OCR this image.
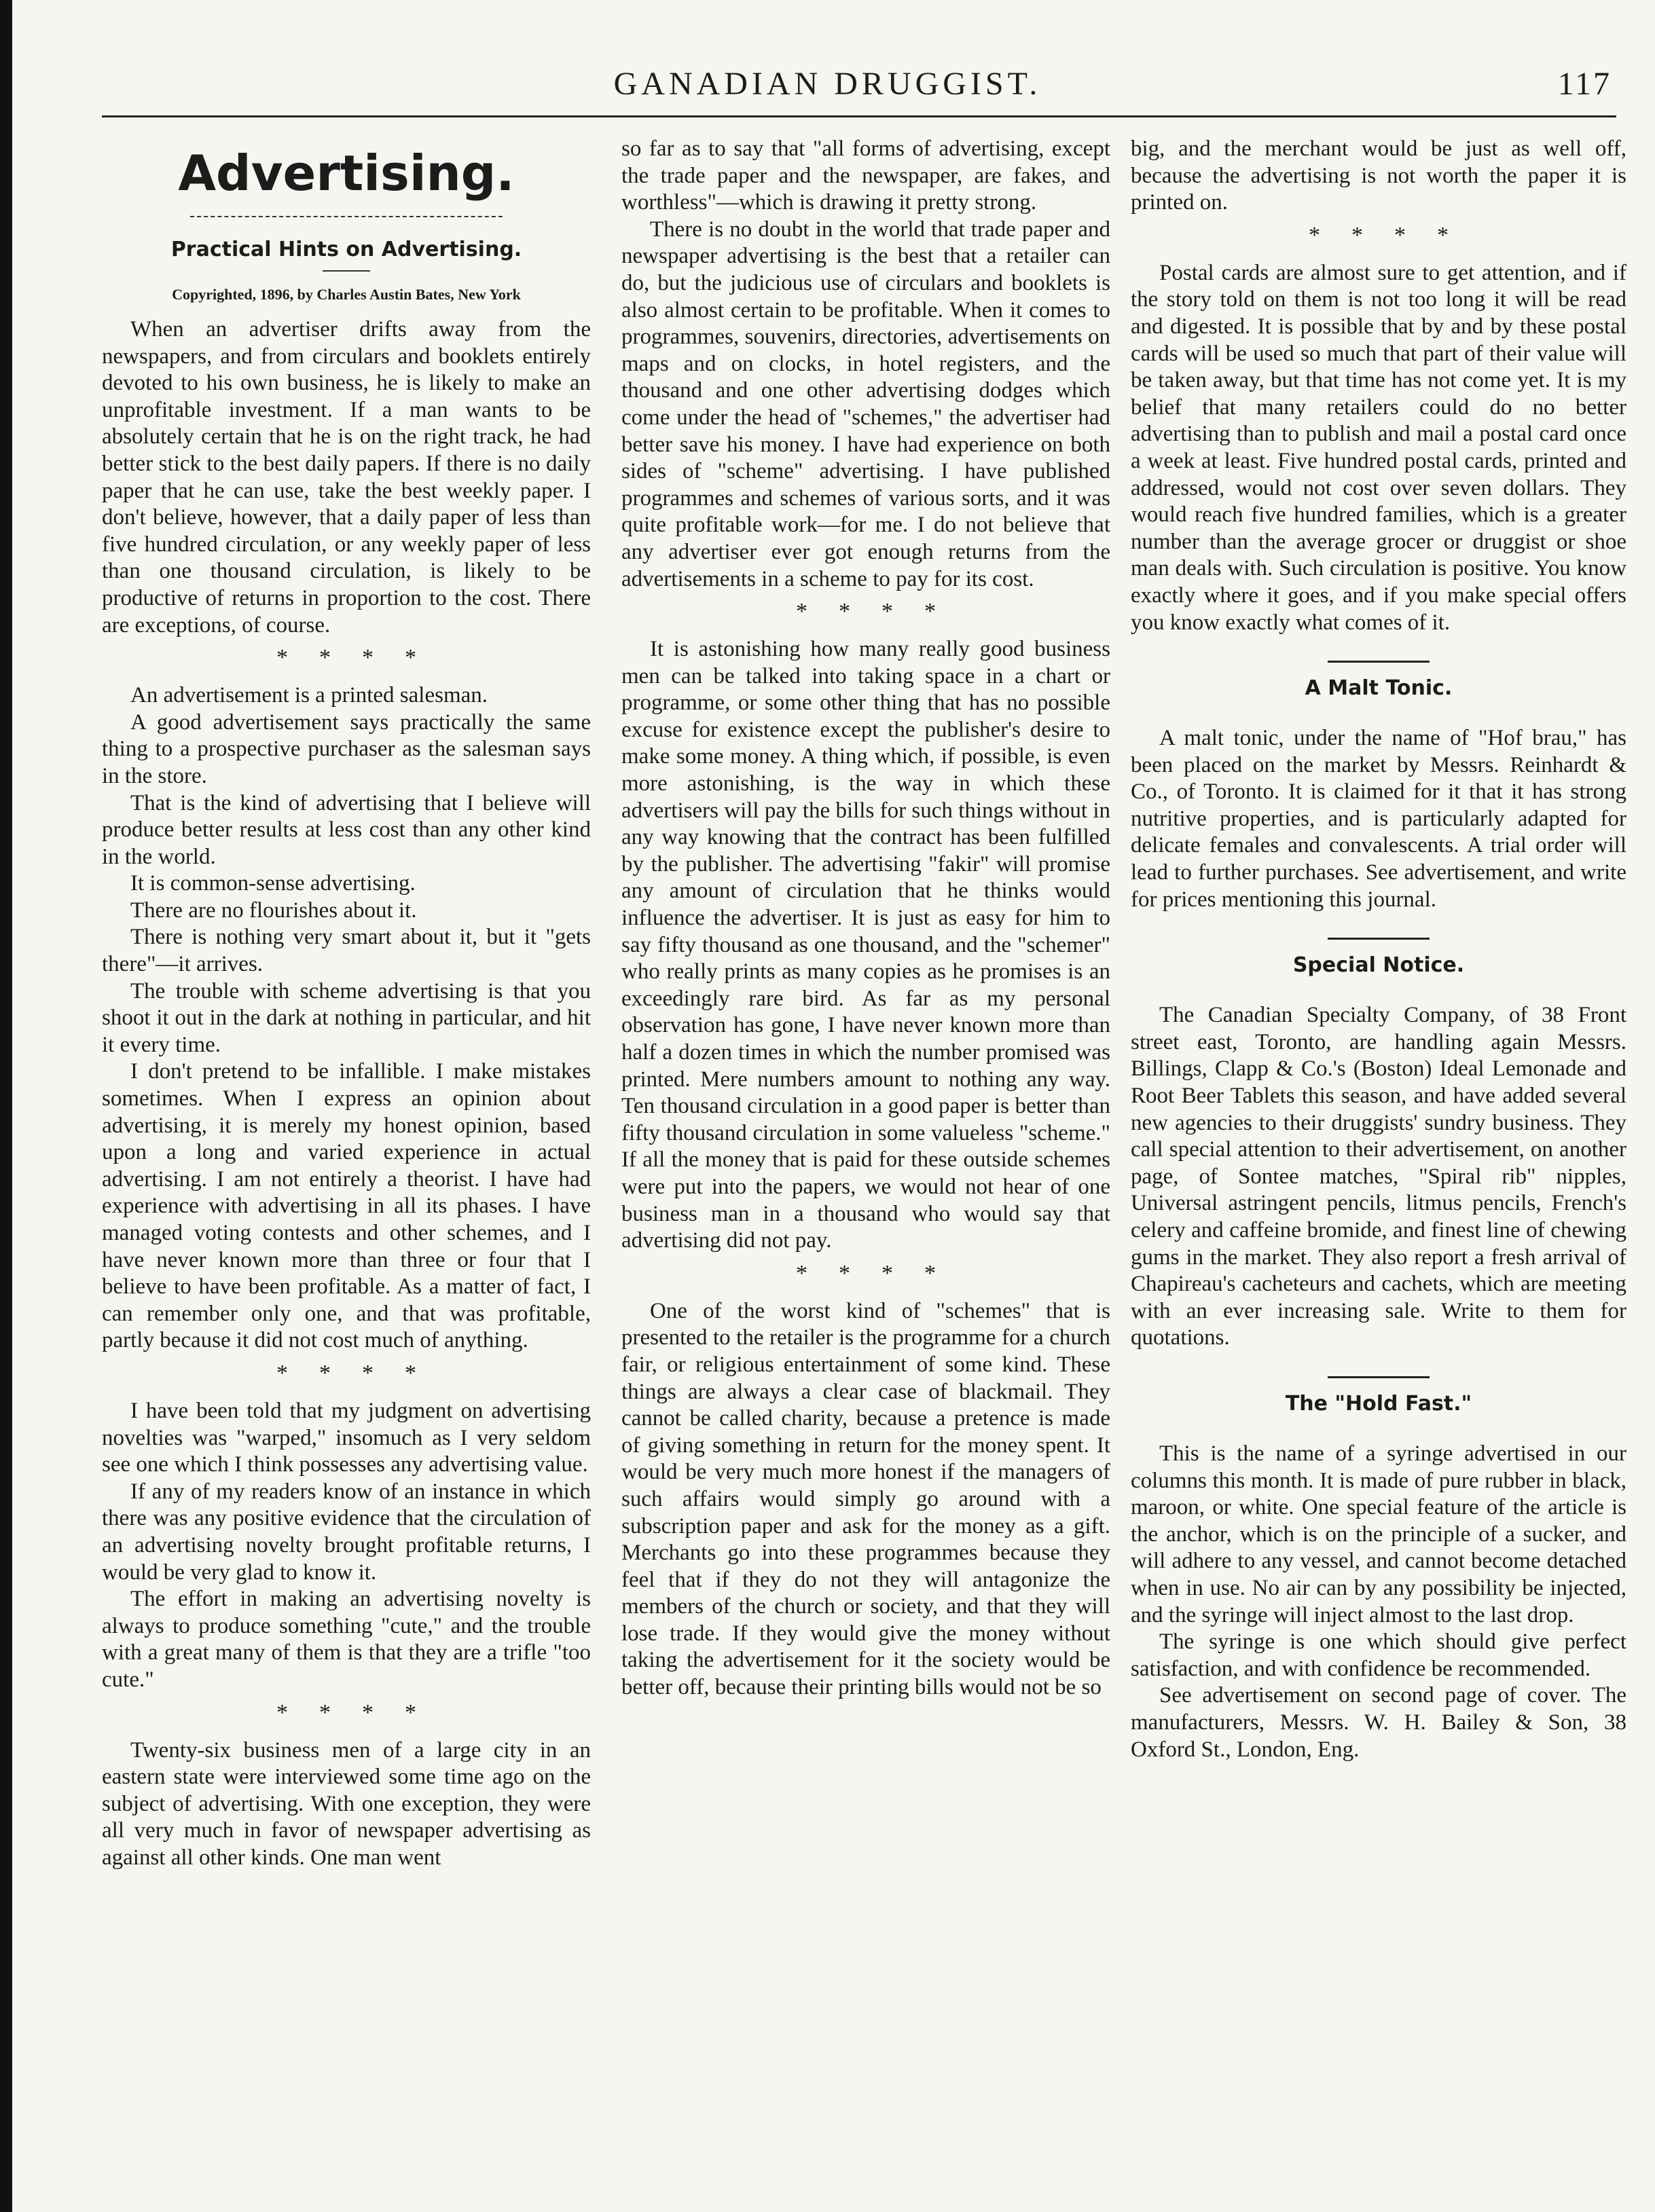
GANADIAN DRUGGIST.	117
Advertising.
Practical Hints on Advertising.
Copyrighted, 1896, by Charles Austin Bates, New York

When an advertiser drifts away from the newspapers, and from circulars and booklets entirely devoted to his own business, he is likely to make an unprofitable investment. If a man wants to be absolutely certain that he is on the right track, he had better stick to the best daily papers. If there is no daily paper that he can use, take the best weekly paper. I don't believe, however, that a daily paper of less than five hundred circulation, or any weekly paper of less than one thousand circulation, is likely to be productive of returns in proportion to the cost. There are exceptions, of course.

****

An advertisement is a printed salesman.

A good advertisement says practically the same thing to a prospective purchaser as the salesman says in the store.

That is the kind of advertising that I believe will produce better results at less cost than any other kind in the world.

It is common-sense advertising.

There are no flourishes about it.

There is nothing very smart about it, but it "gets there"—it arrives.

The trouble with scheme advertising is that you shoot it out in the dark at nothing in particular, and hit it every time.

I don't pretend to be infallible. I make mistakes sometimes. When I express an opinion about advertising, it is merely my honest opinion, based upon a long and varied experience in actual advertising. I am not entirely a theorist. I have had experience with advertising in all its phases. I have managed voting contests and other schemes, and I have never known more than three or four that I believe to have been profitable. As a matter of fact, I can remember only one, and that was profitable, partly because it did not cost much of anything.

****

I have been told that my judgment on advertising novelties was "warped," insomuch as I very seldom see one which I think possesses any advertising value.

If any of my readers know of an instance in which there was any positive evidence that the circulation of an advertising novelty brought profitable returns, I would be very glad to know it.

The effort in making an advertising novelty is always to produce something "cute," and the trouble with a great many of them is that they are a trifle "too cute."

****

Twenty-six business men of a large city in an eastern state were interviewed some time ago on the subject of advertising. With one exception, they were all very much in favor of newspaper advertising as against all other kinds. One man went

so far as to say that "all forms of advertising, except the trade paper and the newspaper, are fakes, and worthless"—which is drawing it pretty strong.

There is no doubt in the world that trade paper and newspaper advertising is the best that a retailer can do, but the judicious use of circulars and booklets is also almost certain to be profitable. When it comes to programmes, souvenirs, directories, advertisements on maps and on clocks, in hotel registers, and the thousand and one other advertising dodges which come under the head of "schemes," the advertiser had better save his money. I have had experience on both sides of "scheme" advertising. I have published programmes and schemes of various sorts, and it was quite profitable work—for me. I do not believe that any advertiser ever got enough returns from the advertisements in a scheme to pay for its cost.

****

It is astonishing how many really good business men can be talked into taking space in a chart or programme, or some other thing that has no possible excuse for existence except the publisher's desire to make some money. A thing which, if possible, is even more astonishing, is the way in which these advertisers will pay the bills for such things without in any way knowing that the contract has been fulfilled by the publisher. The advertising "fakir" will promise any amount of circulation that he thinks would influence the advertiser. It is just as easy for him to say fifty thousand as one thousand, and the "schemer" who really prints as many copies as he promises is an exceedingly rare bird. As far as my personal observation has gone, I have never known more than half a dozen times in which the number promised was printed. Mere numbers amount to nothing any way. Ten thousand circulation in a good paper is better than fifty thousand circulation in some valueless "scheme." If all the money that is paid for these outside schemes were put into the papers, we would not hear of one business man in a thousand who would say that advertising did not pay.

****

One of the worst kind of "schemes" that is presented to the retailer is the programme for a church fair, or religious entertainment of some kind. These things are always a clear case of blackmail. They cannot be called charity, because a pretence is made of giving something in return for the money spent. It would be very much more honest if the managers of such affairs would simply go around with a subscription paper and ask for the money as a gift. Merchants go into these programmes because they feel that if they do not they will antagonize the members of the church or society, and that they will lose trade. If they would give the money without taking the advertisement for it the society would be better off, because their printing bills would not be so

big, and the merchant would be just as well off, because the advertising is not worth the paper it is printed on.

****

Postal cards are almost sure to get attention, and if the story told on them is not too long it will be read and digested. It is possible that by and by these postal cards will be used so much that part of their value will be taken away, but that time has not come yet. It is my belief that many retailers could do no better advertising than to publish and mail a postal card once a week at least. Five hundred postal cards, printed and addressed, would not cost over seven dollars. They would reach five hundred families, which is a greater number than the average grocer or druggist or shoe man deals with. Such circulation is positive. You know exactly where it goes, and if you make special offers you know exactly what comes of it.

A Malt Tonic.

A malt tonic, under the name of "Hof brau," has been placed on the market by Messrs. Reinhardt & Co., of Toronto. It is claimed for it that it has strong nutritive properties, and is particularly adapted for delicate females and convalescents. A trial order will lead to further purchases. See advertisement, and write for prices mentioning this journal.

Special Notice.

The Canadian Specialty Company, of 38 Front street east, Toronto, are handling again Messrs. Billings, Clapp & Co.'s (Boston) Ideal Lemonade and Root Beer Tablets this season, and have added several new agencies to their druggists' sundry business. They call special attention to their advertisement, on another page, of Sontee matches, "Spiral rib" nipples, Universal astringent pencils, litmus pencils, French's celery and caffeine bromide, and finest line of chewing gums in the market. They also report a fresh arrival of Chapireau's cacheteurs and cachets, which are meeting with an ever increasing sale. Write to them for quotations.

The "Hold Fast."

This is the name of a syringe advertised in our columns this month. It is made of pure rubber in black, maroon, or white. One special feature of the article is the anchor, which is on the principle of a sucker, and will adhere to any vessel, and cannot become detached when in use. No air can by any possibility be injected, and the syringe will inject almost to the last drop.

The syringe is one which should give perfect satisfaction, and with confidence be recommended.

See advertisement on second page of cover. The manufacturers, Messrs. W. H. Bailey & Son, 38 Oxford St., London, Eng.
